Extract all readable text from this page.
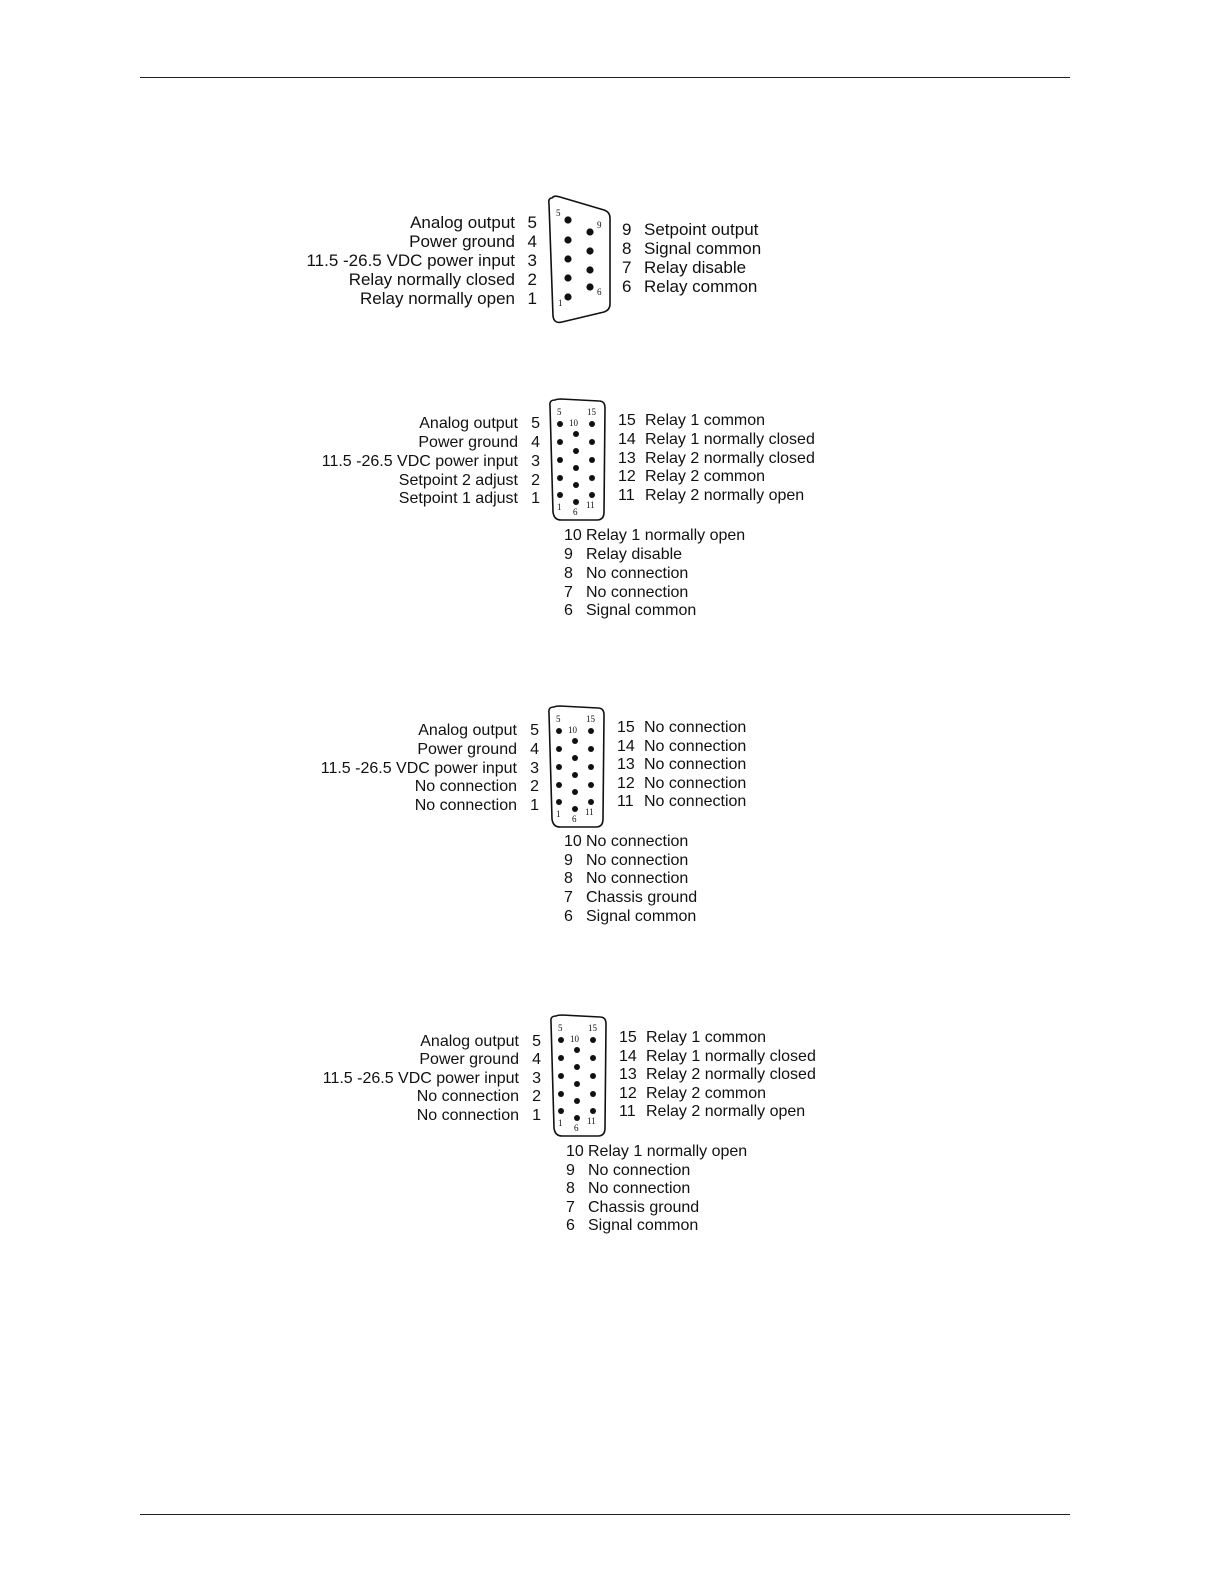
Analog output 5
Power ground 4
11.5 -26.5 VDC power input 3
Relay normally closed 2
Relay normally open 1
5
9
1
6
9 Setpoint output
8 Signal common
7 Relay disable
6 Relay common
Analog output 5
Power ground 4
11.5 -26.5 VDC power input 3
Setpoint 2 adjust 2
Setpoint 1 adjust 1
5
10
15
1 6
11
15 Relay 1 common
14 Relay 1 normally closed
13 Relay 2 normally closed
12 Relay 2 common
11 Relay 2 normally open
10 Relay 1 normally open
9 Relay disable
8 No connection
7 No connection
6 Signal common
Analog output 5
Power ground 4
11.5 -26.5 VDC power input 3
No connection 2
No connection 1
5
10
15
1 6
11
15 No connection
14 No connection
13 No connection
12 No connection
11 No connection
10 No connection
9 No connection
8 No connection
7 Chassis ground
6 Signal common
Analog output 5
Power ground 4
11.5 -26.5 VDC power input 3
No connection 2
No connection 1
5
10
15
1 6
11
15 Relay 1 common
14 Relay 1 normally closed
13 Relay 2 normally closed
12 Relay 2 common
11 Relay 2 normally open
10 Relay 1 normally open
9 No connection
8 No connection
7 Chassis ground
6 Signal common
